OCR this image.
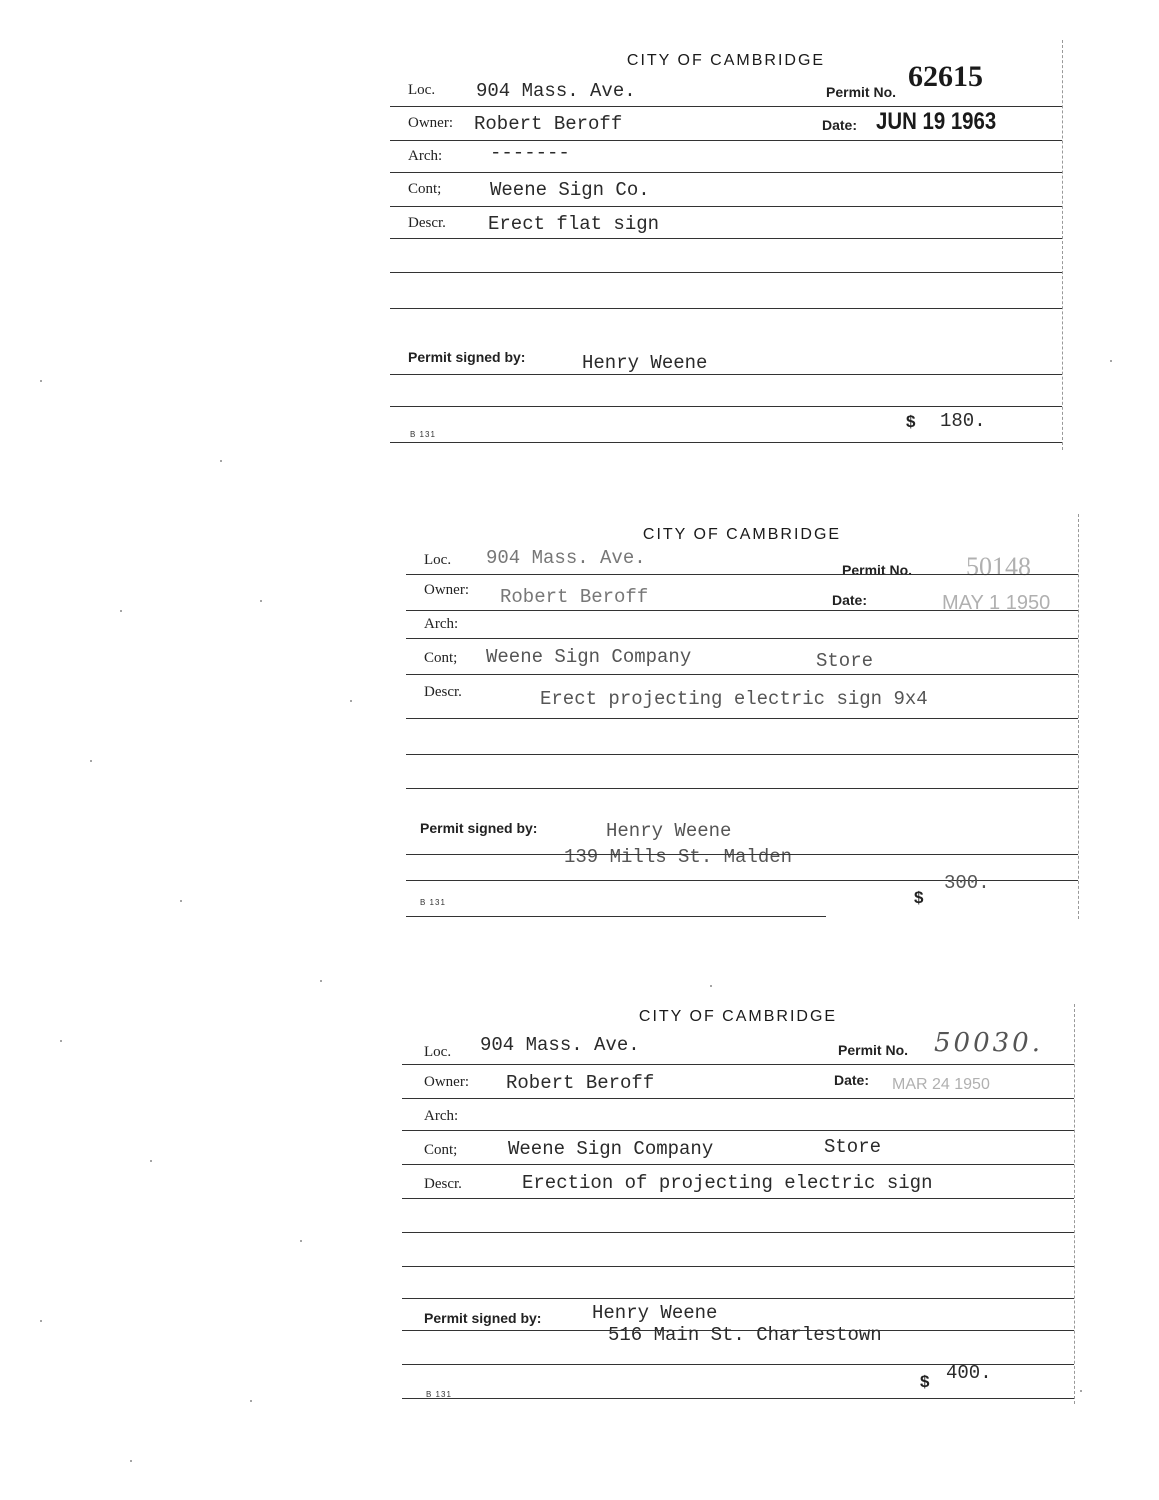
CITY OF CAMBRIDGE
Loc. 904 Mass. Ave.	Permit No. 62615
Owner: Robert Beroff	Date: JUN 19 1963
Arch:	-------
Cont;	Weene Sign Co.
Descr. Erect flat sign
Permit signed by:	Henry Weene
B 131
$ 180.
CITY OF CAMBRIDGE
Loc. 904 Mass. Ave.
Permit No. 50148
Owner: Robert Beroff	Date:	MAY 1 1950
Arch:
Cont; Weene Sign Company	Store
Descr.	Erect projecting electric sign 9x4
Permit signed by:	Henry Weene
139 Mills St. Malden
B 131	$
300.
CITY OF CAMBRIDGE
Loc. 904 Mass. Ave.	Permit No. 50030.
Owner: Robert Beroff	Date: MAR 24 1950
Arch:
Cont;	Weene Sign Company	Store
Descr.	Erection of projecting electric sign
Permit signed by:	Henry Weene
516 Main St. Charlestown
B 131
$ 400.
